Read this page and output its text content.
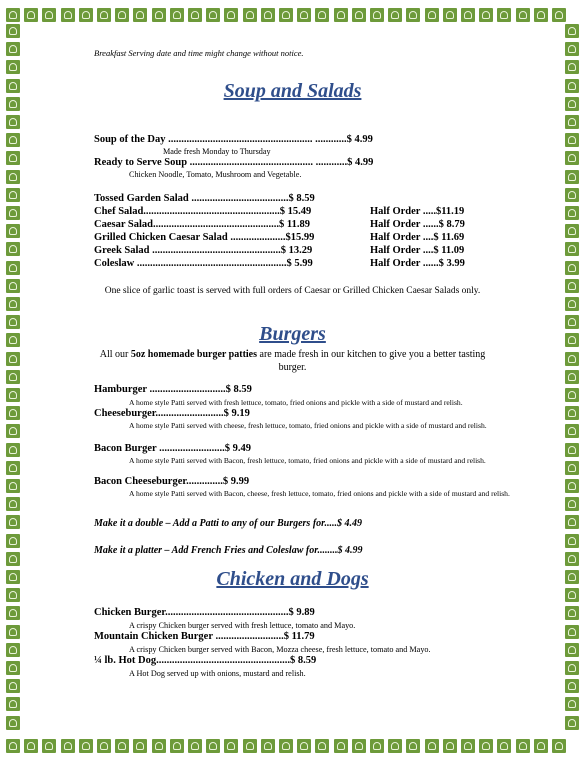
Breakfast Serving date and time might change without notice.
Soup and Salads
Soup of the Day ....................................................... ............$ 4.99
Made fresh Monday to Thursday
Ready to Serve Soup ............................................... ............$ 4.99
Chicken Noodle, Tomato, Mushroom and Vegetable.
Tossed Garden Salad .....................................$ 8.59
Chef Salad....................................................$ 15.49	Half Order .....$11.19
Caesar Salad................................................$ 11.89	Half Order ......$ 8.79
Grilled Chicken Caesar Salad .....................$15.99	Half Order ....$ 11.69
Greek Salad .................................................$ 13.29	Half Order ....$ 11.09
Coleslaw .........................................................$ 5.99	Half Order ......$ 3.99
One slice of garlic toast is served with full orders of Caesar or Grilled Chicken Caesar Salads only.
Burgers
All our 5oz homemade burger patties are made fresh in our kitchen to give you a better tasting burger.
Hamburger .............................$ 8.59
A home style Patti served with fresh lettuce, tomato, fried onions and pickle with a side of mustard and relish.
Cheeseburger..........................$ 9.19
A home style Patti served with cheese, fresh lettuce, tomato, fried onions and pickle with a side of mustard and relish.
Bacon Burger .........................$ 9.49
A home style Patti served with Bacon, fresh lettuce, tomato, fried onions and pickle with a side of mustard and relish.
Bacon Cheeseburger..............$ 9.99
A home style Patti served with Bacon, cheese, fresh lettuce, tomato, fried onions and pickle with a side of mustard and relish.
Make it a double – Add a Patti to any of our Burgers for.....$ 4.49
Make it a platter – Add French Fries and Coleslaw for........$ 4.99
Chicken and Dogs
Chicken Burger...............................................$ 9.89
A crispy Chicken burger served with fresh lettuce, tomato and Mayo.
Mountain Chicken Burger ..........................$ 11.79
A crispy Chicken burger served with Bacon, Mozza cheese, fresh lettuce, tomato and Mayo.
¼ lb. Hot Dog...................................................$ 8.59
A Hot Dog served up with onions, mustard and relish.
